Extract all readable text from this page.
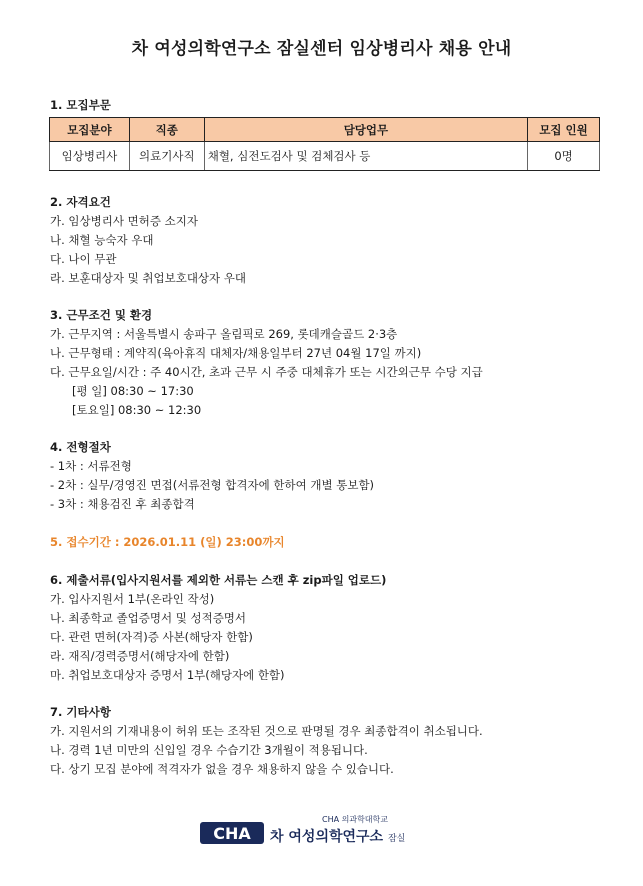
차 여성의학연구소 잠실센터 임상병리사 채용 안내
1. 모집부문
모집분야	직종	담당업무	모집 인원
임상병리사	의료기사직	채혈, 심전도검사 및 검체검사 등	0명
2. 자격요건
가. 임상병리사 면허증 소지자
나. 채혈 능숙자 우대
다. 나이 무관
라. 보훈대상자 및 취업보호대상자 우대
3. 근무조건 및 환경
가. 근무지역 : 서울특별시 송파구 올림픽로 269, 롯데캐슬골드 2·3층
나. 근무형태 : 계약직(육아휴직 대체자/채용일부터 27년 04월 17일 까지)
다. 근무요일/시간 : 주 40시간, 초과 근무 시 주중 대체휴가 또는 시간외근무 수당 지급
[평 일] 08:30 ~ 17:30
[토요일] 08:30 ~ 12:30
4. 전형절차
- 1차 : 서류전형
- 2차 : 실무/경영진 면접(서류전형 합격자에 한하여 개별 통보함)
- 3차 : 채용검진 후 최종합격
5. 접수기간 : 2026.01.11 (일) 23:00까지
6. 제출서류(입사지원서를 제외한 서류는 스캔 후 zip파일 업로드)
가. 입사지원서 1부(온라인 작성)
나. 최종학교 졸업증명서 및 성적증명서
다. 관련 면허(자격)증 사본(해당자 한함)
라. 재직/경력증명서(해당자에 한함)
마. 취업보호대상자 증명서 1부(해당자에 한함)
7. 기타사항
가. 지원서의 기재내용이 허위 또는 조작된 것으로 판명될 경우 최종합격이 취소됩니다.
나. 경력 1년 미만의 신입일 경우 수습기간 3개월이 적용됩니다.
다. 상기 모집 분야에 적격자가 없을 경우 채용하지 않을 수 있습니다.
CHA
CHA 의과학대학교
차 여성의학연구소 잠실
